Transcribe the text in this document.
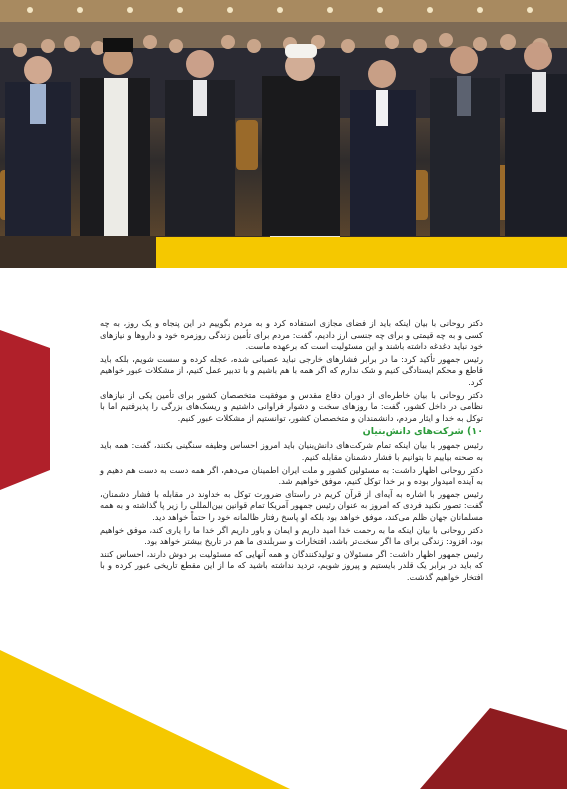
دکتر روحانی با بیان اینکه باید از فضای مجازی استفاده کرد و به مردم بگوییم در این پنجاه و یک روز، به چه کسی و به چه قیمتی و برای چه جنسی ارز دادیم، گفت: مردم برای تأمین زندگی روزمره خود و داروها و نیازهای خود نباید دغدغه داشته باشند و این مسئولیت است که برعهده ماست.

رئیس جمهور تأکید کرد: ما در برابر فشارهای خارجی نباید عصبانی شده، عجله کرده و سست شویم، بلکه باید قاطع و محکم ایستادگی کنیم و شک ندارم که اگر همه با هم باشیم و با تدبیر عمل کنیم، از مشکلات عبور خواهیم کرد.

دکتر روحانی با بیان خاطره‌ای از دوران دفاع مقدس و موفقیت متخصصان کشور برای تأمین یکی از نیازهای نظامی در داخل کشور، گفت: ما روزهای سخت و دشوار فراوانی داشتیم و ریسک‌های بزرگی را پذیرفتیم اما با توکل به خدا و ایثار مردم، دانشمندان و متخصصان کشور، توانستیم از مشکلات عبور کنیم.

۱۰) شرکت‌های دانش‌بنیان

رئیس جمهور با بیان اینکه تمام شرکت‌های دانش‌بنیان باید امروز احساس وظیفه سنگینی بکنند، گفت: همه باید به صحنه بیاییم تا بتوانیم با فشار دشمنان مقابله کنیم.

دکتر روحانی اظهار داشت: به مسئولین کشور و ملت ایران اطمینان می‌دهم، اگر همه دست به دست هم دهیم و به آینده امیدوار بوده و بر خدا توکل کنیم، موفق خواهیم شد.

رئیس جمهور با اشاره به آیه‌ای از قرآن کریم در راستای ضرورت توکل به خداوند در مقابله با فشار دشمنان، گفت: تصور نکنید فردی که امروز به عنوان رئیس جمهور آمریکا تمام قوانین بین‌المللی را زیر پا گذاشته و به همه مسلمانان جهان ظلم می‌کند، موفق خواهد بود بلکه او پاسخ رفتار ظالمانه خود را حتماً خواهد دید.

دکتر روحانی با بیان اینکه ما به رحمت خدا امید داریم و ایمان و باور داریم اگر خدا ما را یاری کند، موفق خواهیم بود، افزود: زندگی برای ما اگر سخت‌تر باشد، افتخارات و سربلندی ما هم در تاریخ بیشتر خواهد بود.

رئیس جمهور اظهار داشت: اگر مسئولان و تولیدکنندگان و همه آنهایی که مسئولیت بر دوش دارند، احساس کنند که باید در برابر یک قلدر بایستیم و پیروز شویم، تردید نداشته باشید که ما از این مقطع تاریخی عبور کرده و با افتخار خواهیم گذشت.
